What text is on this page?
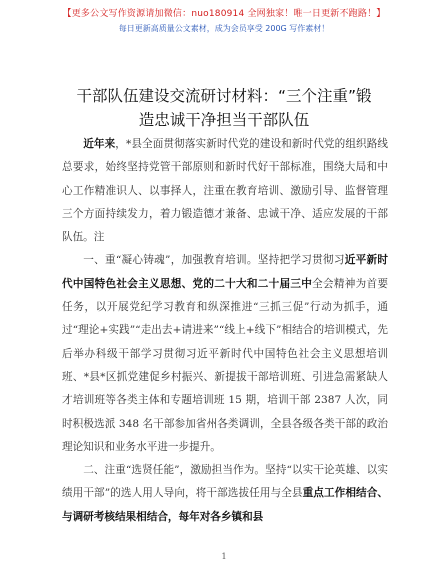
【更多公文写作资源请加微信：nuo180914 全网独家！唯一日更新不跑路！】
每日更新高质量公文素材，成为会员享受 200G 写作素材！
干部队伍建设交流研讨材料：“三个注重”锻
造忠诚干净担当干部队伍

近年来，*县全面贯彻落实新时代党的建设和新时代党的组织路线总要求，始终坚持党管干部原则和新时代好干部标准，围绕大局和中心工作精准识人、以事择人，注重在教育培训、激励引导、监督管理三个方面持续发力，着力锻造德才兼备、忠诚干净、适应发展的干部队伍。注

一、重“凝心铸魂”，加强教育培训。坚持把学习贯彻习近平新时代中国特色社会主义思想、党的二十大和二十届三中全会精神为首要任务，以开展党纪学习教育和纵深推进“三抓三促”行动为抓手，通过“理论+实践”“走出去+请进来”“线上+线下”相结合的培训模式，先后举办科级干部学习贯彻习近平新时代中国特色社会主义思想培训班、*县*区抓党建促乡村振兴、新提拔干部培训班、引进急需紧缺人才培训班等各类主体和专题培训班 15 期，培训干部 2387 人次，同时积极选派 348 名干部参加省州各类调训，全县各级各类干部的政治理论知识和业务水平进一步提升。

二、注重“选贤任能”，激励担当作为。坚持“以实干论英雄、以实绩用干部”的选人用人导向，将干部选拔任用与全县重点工作相结合、与调研考核结果相结合，每年对各乡镇和县

1
